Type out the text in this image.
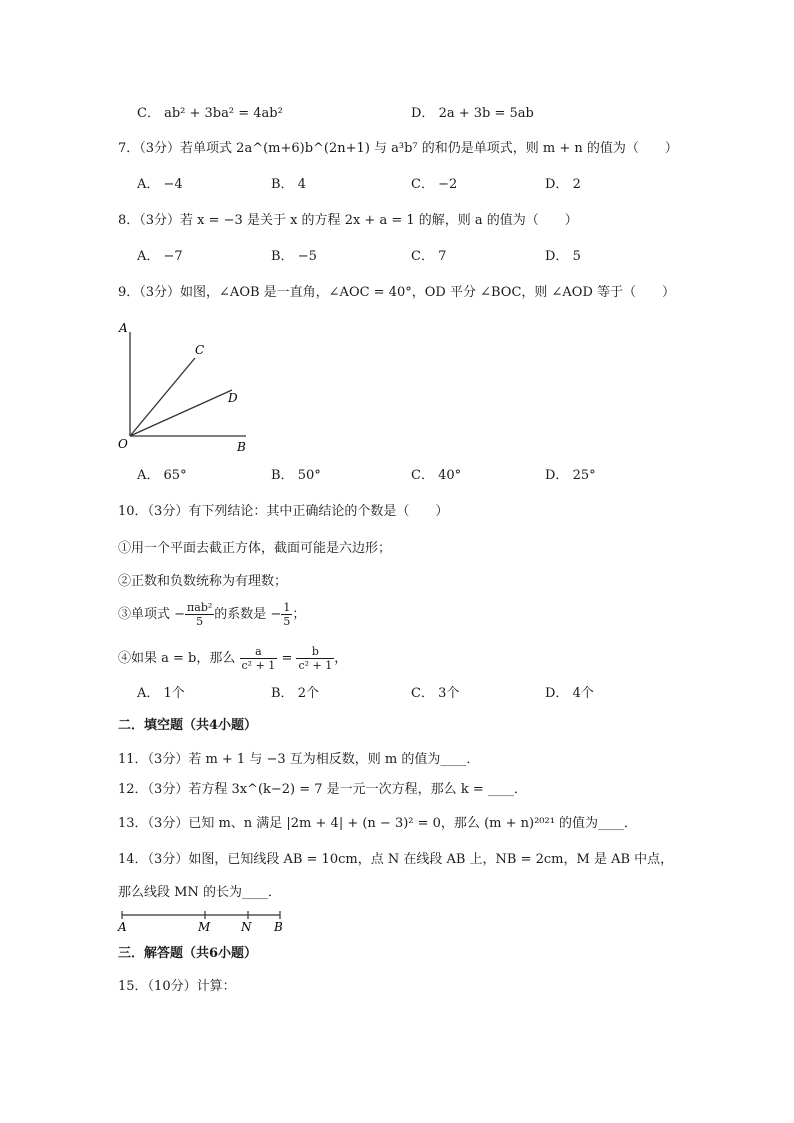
C． ab² + 3ba² = 4ab²	D． 2a + 3b = 5ab
7．（3分）若单项式 2a^(m+6)b^(2n+1) 与 a³b⁷ 的和仍是单项式，则 m + n 的值为（　　）
A． −4	B． 4	C． −2	D． 2
8．（3分）若 x = −3 是关于 x 的方程 2x + a = 1 的解，则 a 的值为（　　）
A． −7	B． −5	C． 7	D． 5
9．（3分）如图，∠AOB 是一直角，∠AOC = 40°，OD 平分 ∠BOC，则 ∠AOD 等于（　　）
A
C
D
O	B
A． 65°	B． 50°	C． 40°	D． 25°
10．（3分）有下列结论：其中正确结论的个数是（　　）
①用一个平面去截正方体，截面可能是六边形；
②正数和负数统称为有理数；
③单项式 − $\frac{\text{πab²}}{5}$ 的系数是 − $\frac{1}{5}$ ；
④如果 a = b，那么 $\frac{a}{\text{c² + 1}} = \frac{b}{\text{c² + 1}}$ ，
A． 1个	B． 2个	C． 3个	D． 4个
二．填空题（共4小题）
11．（3分）若 m + 1 与 −3 互为相反数，则 m 的值为____．
12．（3分）若方程 3x^(k−2) = 7 是一元一次方程，那么 k = ____．
13．（3分）已知 m、n 满足 |2m + 4| + (n − 3)² = 0，那么 (m + n)²⁰²¹ 的值为____．
14．（3分）如图，已知线段 AB = 10cm，点 N 在线段 AB 上，NB = 2cm，M 是 AB 中点，
那么线段 MN 的长为____．
A	M	N B
三．解答题（共6小题）
15．（10分）计算：
